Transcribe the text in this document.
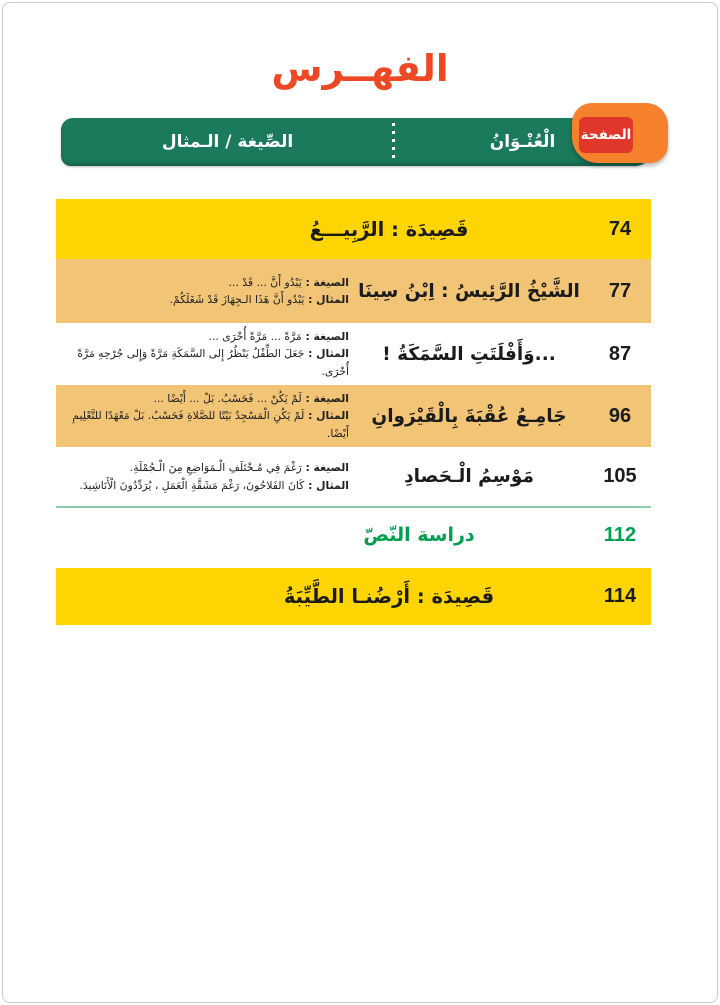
الفهــرس
الصِّيغة / الـمثال	الْعُنْـوَانُ	الصفحة
74
قَصِيدَة : الرَّبِيـــعُ
77
الشَّيْخُ الرَّئِيسُ : اِبْنُ سِينَا
الصيغة : يَبْدُو أَنَّ ... قَدْ ...
المثال : يَبْدُو أَنَّ هَذَا الـجِهَازَ قَدْ شَغَلَكُمْ.
87
...وَأَفْلَتَتِ السَّمَكَةُ !
الصيغة : مَرَّةً ... مَرَّةً أُخْرَى ...
المثال : جَعَلَ الطِّفْلُ يَنْظُرُ إِلى السَّمَكَةِ مَرَّةً وَإِلى جُرْحِهِ مَرَّةً أُخْرَى.
96
جَامِـعُ عُقْبَةَ بِالْقَيْرَوانِ
الصيغة : لَمْ يَكُنْ ... فَحَسْبُ. بَلْ ... أَيْضًا ...
المثال : لَمْ يَكُنِ الْمَسْجِدُ بَيْتًا للصَّلاةِ فَحَسْبُ. بَلْ مَعْهَدًا للتَّعْلِيمِ أَيْضًا.
105
مَوْسِمُ الْـحَصادِ
الصيغة : رَغْمَ فِي مُـخْتَلَفِ الْـمَوَاضِعِ مِنَ الْـجُمْلَةِ.
المثال : كَانَ الفَلاحُونَ، رَغْمَ مَشَقَّةِ الْعَمَلِ ، يُرَدِّدُونَ الْأَنَاشِيدَ.
112
دراسة النّصّ
114
قَصِيدَة : أَرْضُنـا الطَّيِّبَةُ
